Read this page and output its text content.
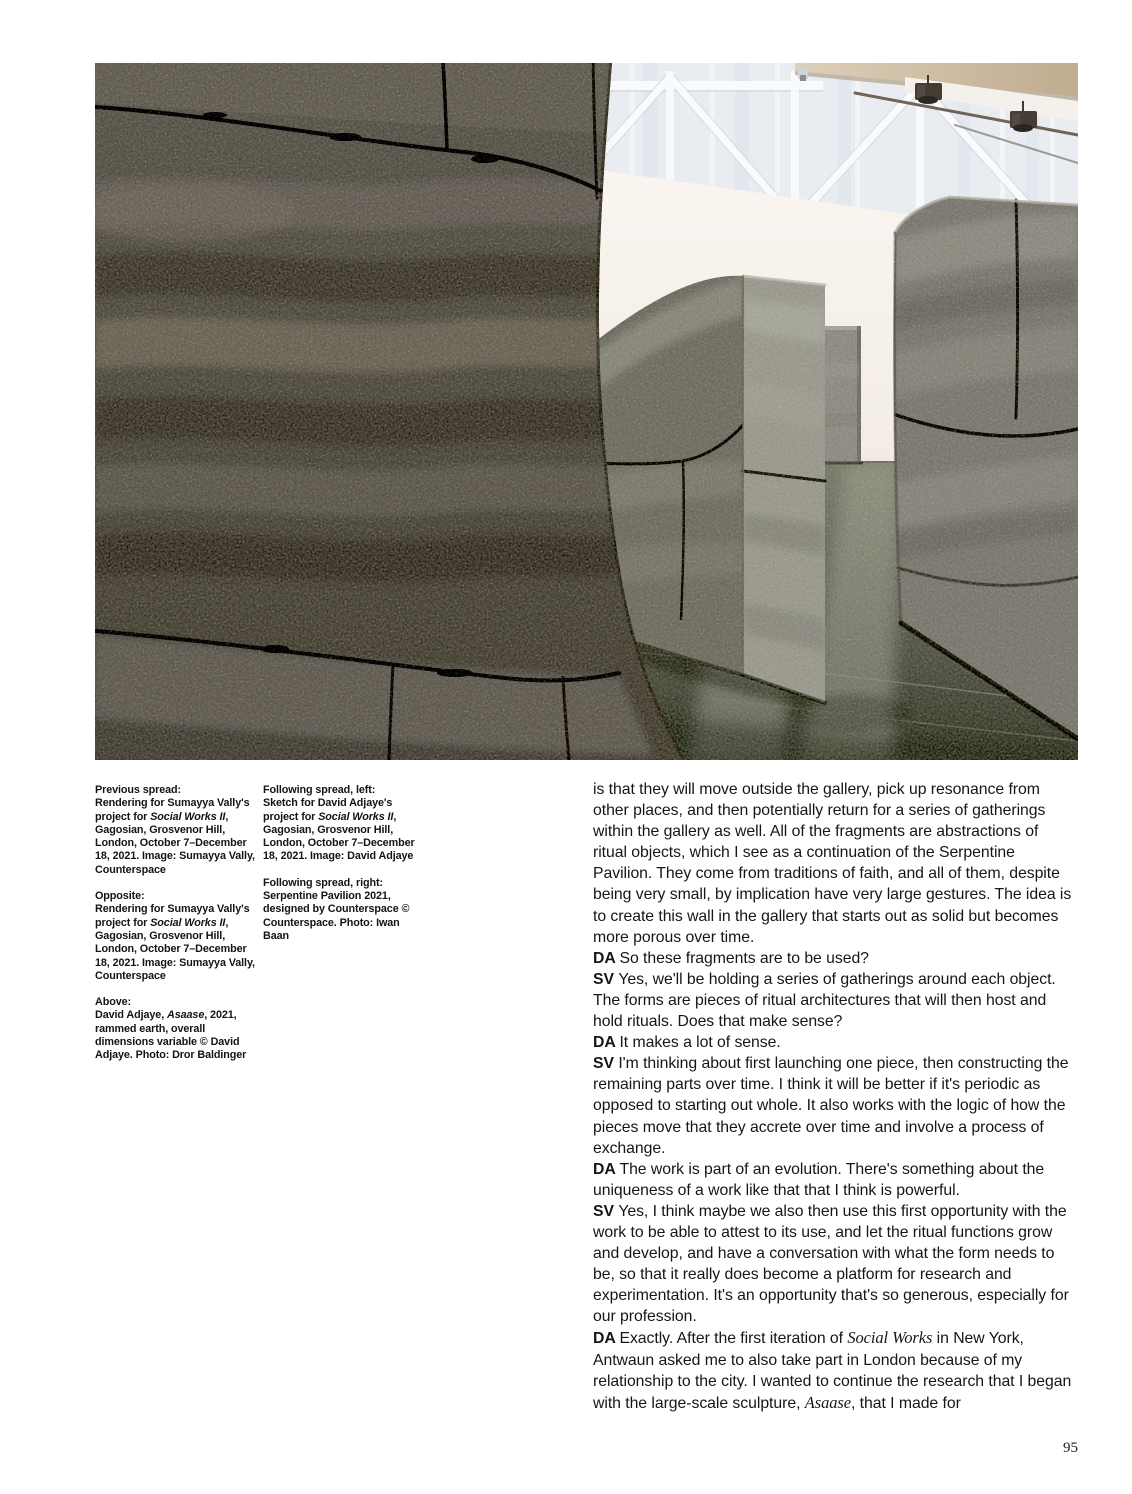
Previous spread:
Rendering for Sumayya Vally's project for Social Works II, Gagosian, Grosvenor Hill, London, October 7–December 18, 2021. Image: Sumayya Vally, Counterspace

Opposite:
Rendering for Sumayya Vally's project for Social Works II, Gagosian, Grosvenor Hill, London, October 7–December 18, 2021. Image: Sumayya Vally, Counterspace

Above:
David Adjaye, Asaase, 2021, rammed earth, overall dimensions variable © David Adjaye. Photo: Dror Baldinger

Following spread, left:
Sketch for David Adjaye's project for Social Works II, Gagosian, Grosvenor Hill, London, October 7–December 18, 2021. Image: David Adjaye

Following spread, right:
Serpentine Pavilion 2021, designed by Counterspace © Counterspace. Photo: Iwan Baan

is that they will move outside the gallery, pick up resonance from other places, and then potentially return for a series of gatherings within the gallery as well. All of the fragments are abstractions of ritual objects, which I see as a continuation of the Serpentine Pavilion. They come from traditions of faith, and all of them, despite being very small, by implication have very large gestures. The idea is to create this wall in the gallery that starts out as solid but becomes more porous over time.

DA So these fragments are to be used?

SV Yes, we'll be holding a series of gatherings around each object. The forms are pieces of ritual architectures that will then host and hold rituals. Does that make sense?

DA It makes a lot of sense.

SV I'm thinking about first launching one piece, then constructing the remaining parts over time. I think it will be better if it's periodic as opposed to starting out whole. It also works with the logic of how the pieces move that they accrete over time and involve a process of exchange.

DA The work is part of an evolution. There's something about the uniqueness of a work like that that I think is powerful.

SV Yes, I think maybe we also then use this first opportunity with the work to be able to attest to its use, and let the ritual functions grow and develop, and have a conversation with what the form needs to be, so that it really does become a platform for research and experimentation. It's an opportunity that's so generous, especially for our profession.

DA Exactly. After the first iteration of Social Works in New York, Antwaun asked me to also take part in London because of my relationship to the city. I wanted to continue the research that I began with the large-scale sculpture, Asaase, that I made for

95
